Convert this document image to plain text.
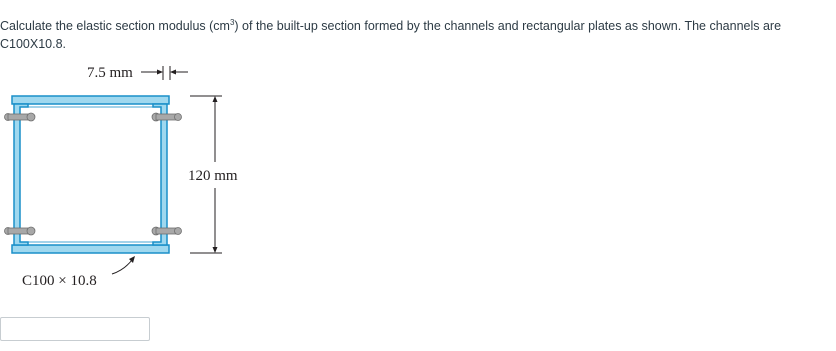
Calculate the elastic section modulus $(cm^3)$ of the built-up section formed by the channels and rectangular plates as shown. The channels are C100X10.8.

7.5 mm
120 mm
C100 × 10.8
